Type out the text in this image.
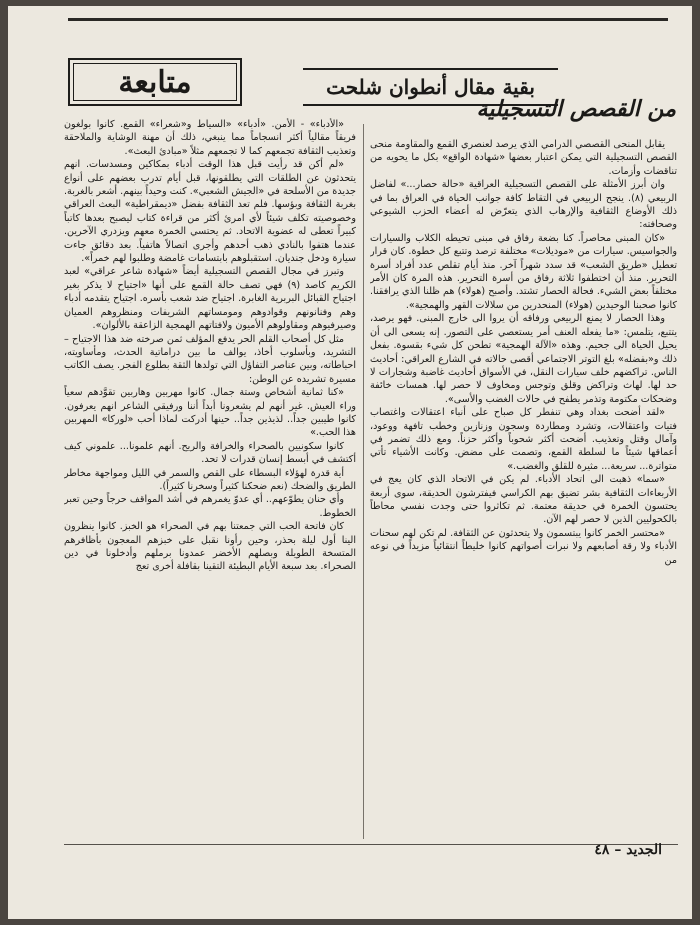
متابعة	بقية مقال أنطوان شلحت
من القصص التسجيلية

يقابل المنحى القصصي الدرامي الذي يرصد لعنصري القمع والمقاومة منحى القصص التسجيلية التي يمكن اعتبار بعضها «شهادة الواقع» بكل ما يحويه من تناقضات وأزمات.

وان أبرز الأمثلة على القصص التسجيلية العراقية «حالة حصار...» لفاضل الربيعي (٨). ينجح الربيعي في التقاط كافة جوانب الحياة في العراق بما في ذلك الأوضاع الثقافية والإرهاب الذي يتعرّض له أعضاء الحزب الشيوعي وصحافته:

«كان المبنى محاصراً. كنا بضعة رفاق في مبنى تحيطه الكلاب والسيارات والجواسيس. سيارات من «موديلات» مختلفة ترصد وتتبع كل خطوة. كان قرار تعطيل «طريق الشعب» قد سدد شهراً آخر. منذ أيام تقلص عدد أفراد أسرة التحرير. منذ أن اختطفوا ثلاثة رفاق من أسرة التحرير. هذه المرة كان الأمر مختلفاً بعض الشيء. فحالة الحصار تشتد. وأصبح (هولاء) هم ظلنا الذي يرافقنا. كانوا صحبنا الوحيدين (هولاء) المنحدرين من سلالات القهر والهمجية».

وهذا الحصار لا يمنع الربيعي ورفاقه أن يروا الى خارج المبنى. فهو يرصد، يتتبع، يتلمس: «ما يفعله العنف أمر يستعصي على التصور. إنه يسعى الى أن يحيل الحياة الى جحيم. وهذه «الآلة الهمجية» تطحن كل شيء بقسوة. بفعل ذلك و«بفضله» بلغ التوتر الاجتماعي أقصى حالاته في الشارع العراقي: أحاديث الناس. تراكضهم خلف سيارات النقل، في الأسواق أحاديث غاضبة وشجارات لا حد لها. لهاث وتراكض وقلق وتوجس ومخاوف لا حصر لها. همسات خائفة وضحكات مكتومة وتذمر يطفح في حالات الغضب والأسى».

«لقد أضحت بغداد وهي تنفطر كل صباح على أنباء اعتقالات واغتصاب فتيات واعتقالات، وتشرد ومطاردة وسجون وزنازين وخطب تافهة ووعود، وآمال وقتل وتعذيب. أضحت أكثر شحوباً وأكثر حزناً. ومع ذلك تضمر في أعماقها شيئاً ما لسلطة القمع، وتصمت على مضض. وكانت الأشياء تأتي متواترة... سريعة... مثيرة للقلق والغضب.»

«سما» ذهبت الى اتحاد الأدباء. لم يكن في الاتحاد الذي كان يعج في الأربعاءات الثقافية بشر تضيق بهم الكراسي فيفترشون الحديقة، سوى أربعة يحتسون الخمرة في حديقة معتمة. ثم تكاثروا حتى وجدت نفسي محاطاً بالكحوليين الذين لا حصر لهم الآن.

«محتسر الخمر كانوا يبتسمون ولا يتحدثون عن الثقافة. لم تكن لهم سحنات الأدباء ولا رقة أصابعهم ولا نبرات أصواتهم كانوا خليطاً انتقائياً مزيداً في نوعه من

«الأدباء» - الأمن. «أدباء» «السياط و«شعراء» القمع. كانوا بولغون فريقاً مقالياً أكثر انسجاماً مما ينبغي، ذلك أن مهنة الوشاية والملاحقة وتعذيب الثقافة تجمعهم كما لا تجمعهم مثلاً «مبادئ البعث».

«لم أكن قد رأيت قبل هذا الوقت أدباء بمكاكين ومسدسات. انهم يتحدثون عن الطلقات التي يطلقونها، قبل أيام تدرب بعضهم على أنواع جديدة من الأسلحة في «الجيش الشعبي». كنت وحيداً بينهم. أشعر بالغربة. بغربة الثقافة وبؤسها. فلم تعد الثقافة بفضل «ديمقراطية» البعث العراقي وخصوصيته تكلف شيئاً لأي امرئ أكثر من قراءة كتاب ليصبح بعدها كاتباً كبيراً تعطى له عضوية الاتحاد. ثم يحتسي الخمرة معهم ويزدري الآخرين. عندما هتفوا بالنادي ذهب أحدهم وأجرى اتصالاً هاتفياً. بعد دقائق جاءت سيارة ودخل جنديان. استقبلوهم بابتسامات غامضة وطلبوا لهم خمراً».

وتبرز في مجال القصص التسجيلية أيضاً «شهادة شاعر عراقي» لعبد الكريم كاصد (٩) فهي تصف حالة القمع على أنها «اجتياح لا يذكر بغير اجتياح القبائل البربرية الغابرة. اجتياح ضد شعب بأسره. اجتياح يتقدمه أدباء وهم وفنانونهم وقوادوهم ومومساتهم الشريفات ومنظروهم العميان وصيرفيوهم ومقاولوهم الأميون ولافتاتهم الهمجية الزاعقة بالألوان».

مثل كل أصحاب القلم الحر يدفع المؤلف ثمن صرخته ضد هذا الاجتياح – التشريد، وبأسلوب أخاذ، يوالف ما بين دراماتية الحدث، ومأساويته، احباطاته، وبين عناصر التفاؤل التي تولدها الثقة بطلوع الفجر. يصف الكاتب مسيرة تشريده عن الوطن:

«كنا ثمانية أشخاص وستة جمال. كانوا مهربين وهاربين تقوَّدهم سعياً وراء العيش. غير أنهم لم يشعرونا أبداً أننا ورفيقي الشاعر انهم يعرفون. كانوا طيبين جداً.. لذيذين جداً.. حينها أدركت لماذا أحب «لوركا» المهربين هذا الحب.»

كانوا سكونيين بالصحراء والخرافة والريح. أنهم علمونا... علموني كيف أكتشف في أبسط إنسان قدرات لا تحد.

أية قدرة لهؤلاء البسطاء على القص والسمر في الليل ومواجهة مخاطر الطريق والضحك (نعم ضحكنا كثيراً وسخرنا كثيراً).

وأي حنان يطوّعهم.. أي عدوّ يغمرهم في أشد المواقف حرجاً وحين تعبر الخطوط.

كان فاتحة الحب التي جمعتنا بهم في الصحراء هو الخبز. كانوا ينظرون الينا أول ليلة بحذر، وحين رأونا نقبل على خبزهم المعجون بأظافرهم المتسخة الطويلة وبصلهم الأخضر عمدونا برملهم وأدخلونا في دين الصحراء. بعد سبعة الأيام البطيئة التقينا بقافلة أخرى تعج

الجديد – ٤٨
